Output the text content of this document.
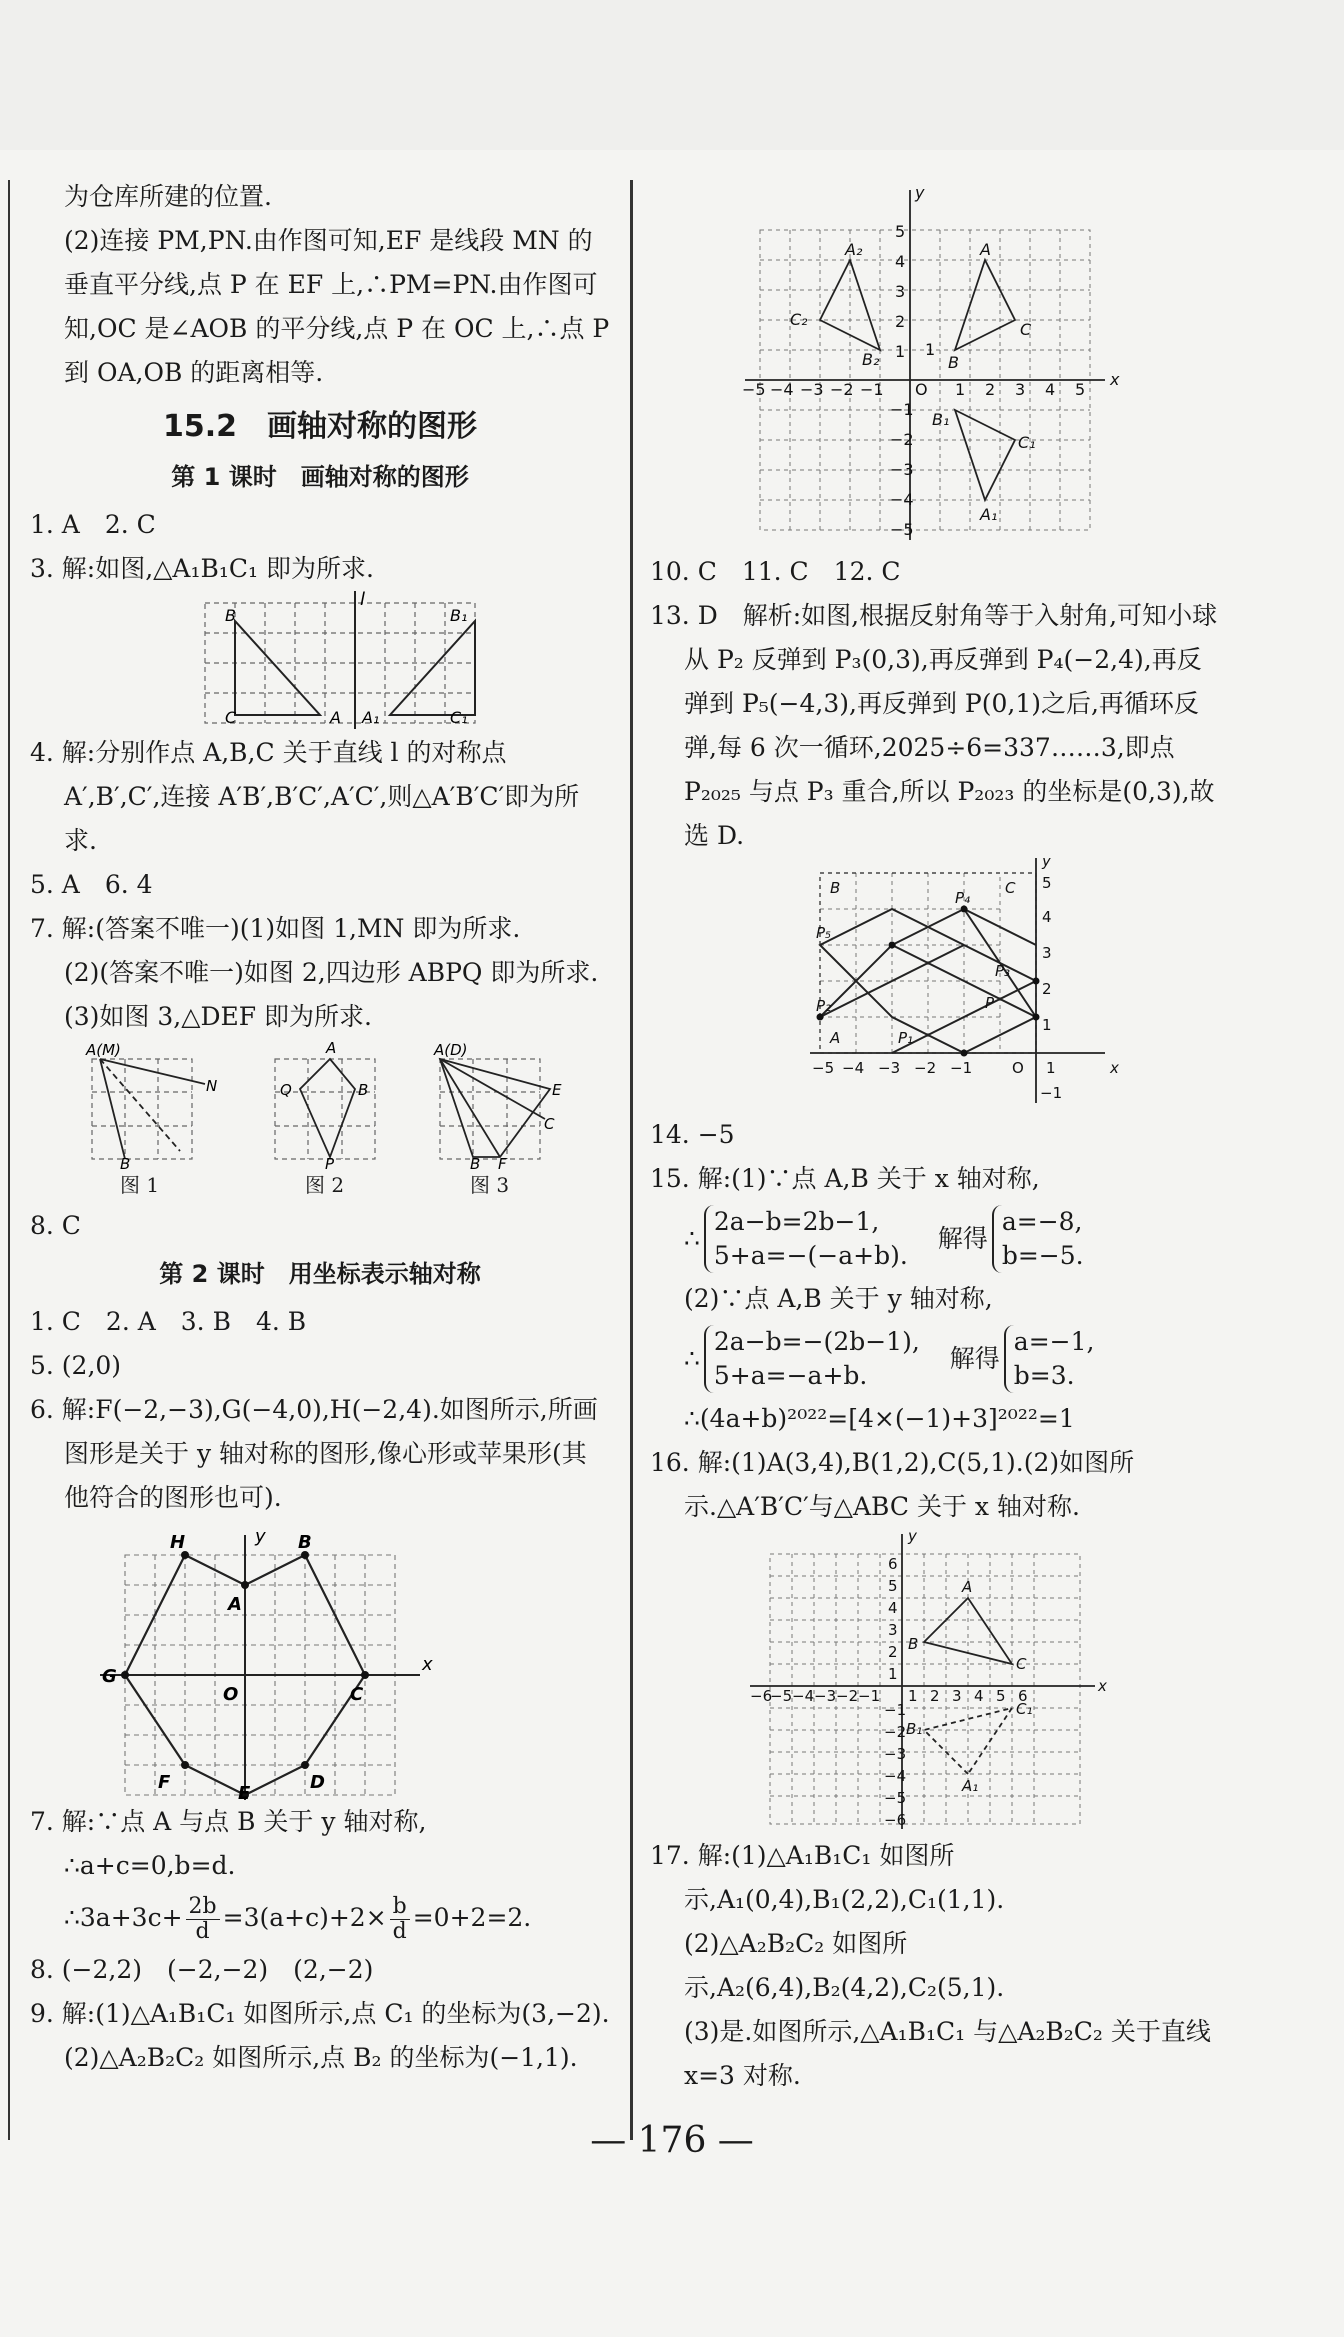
为仓库所建的位置.

(2)连接 PM,PN.由作图可知,EF 是线段 MN 的垂直平分线,点 P 在 EF 上,∴PM=PN.由作图可知,OC 是∠AOB 的平分线,点 P 在 OC 上,∴点 P 到 OA,OB 的距离相等.

15.2　画轴对称的图形

第 1 课时　画轴对称的图形

1. A　2. C

3. 解:如图,△A₁B₁C₁ 即为所求.

B
C	A A₁
B₁
C₁
l

4. 解:分别作点 A,B,C 关于直线 l 的对称点 A′,B′,C′,连接 A′B′,B′C′,A′C′,则△A′B′C′即为所求.

5. A　6. 4

7. 解:(答案不唯一)(1)如图 1,MN 即为所求.

(2)(答案不唯一)如图 2,四边形 ABPQ 即为所求.

(3)如图 3,△DEF 即为所求.

A(M)
N
B
A
B
Q
P
A(D)
E
C
B F
图 1	图 2	图 3

8. C

第 2 课时　用坐标表示轴对称

1. C　2. A　3. B　4. B

5. (2,0)

6. 解:F(−2,−3),G(−4,0),H(−2,4).如图所示,所画图形是关于 y 轴对称的图形,像心形或苹果形(其他符合的图形也可).

H	B
A
G
O	C
F	D
E
y
x

7. 解:∵点 A 与点 B 关于 y 轴对称,

∴a+c=0,b=d.

∴3a+3c+ $\frac{2b}{d} =3(a+c)+2\times \frac{b}{d} =0+2=2$.

8. (−2,2)　(−2,−2)　(2,−2)

9. 解:(1)△A₁B₁C₁ 如图所示,点 C₁ 的坐标为(3,−2).

(2)△A₂B₂C₂ 如图所示,点 B₂ 的坐标为(−1,1).

y
x
O
1
1 2 3 4 5
1
2
3
4
5
−1
−2
−3
−4
−5
−1
−2
−3
−4
−5
A₂
C₂
B₂
A
B
C
B₁
C₁
A₁

10. C　11. C　12. C

13. D　解析:如图,根据反射角等于入射角,可知小球从 P₂ 反弹到 P₃(0,3),再反弹到 P₄(−2,4),再反弹到 P₅(−4,3),再反弹到 P(0,1)之后,再循环反弹,每 6 次一循环,2025÷6=337……3,即点 P₂₀₂₅ 与点 P₃ 重合,所以 P₂₀₂₃ 的坐标是(0,3),故选 D.

y
x
B	C
A
P₄
P₅
P₃
P₂
P₁
P
O 1
5
4
3
2
1
−1
−5 −4 −3 −2 −1

14. −5

15. 解:(1)∵点 A,B 关于 x 轴对称,

∴
2a−b=2b−1,
5+a=−(−a+b).
解得
a=−8,
b=−5.

(2)∵点 A,B 关于 y 轴对称,

∴
2a−b=−(2b−1),
5+a=−a+b.
解得
a=−1,
b=3.

∴(4a+b)²⁰²²=[4×(−1)+3]²⁰²²=1

16. 解:(1)A(3,4),B(1,2),C(5,1).(2)如图所示.△A′B′C′与△ABC 关于 x 轴对称.

y
x
A
B
C
B₁
C₁
A₁
6
5
4
3
2
1
−1
−2
−3
−4
−5
−6
1 2 3 4 5 6
−6
−5 −4 −3 −2 −1

17. 解:(1)△A₁B₁C₁ 如图所示,A₁(0,4),B₁(2,2),C₁(1,1).

(2)△A₂B₂C₂ 如图所示,A₂(6,4),B₂(4,2),C₂(5,1).

(3)是.如图所示,△A₁B₁C₁ 与△A₂B₂C₂ 关于直线 x=3 对称.

— 176 —
